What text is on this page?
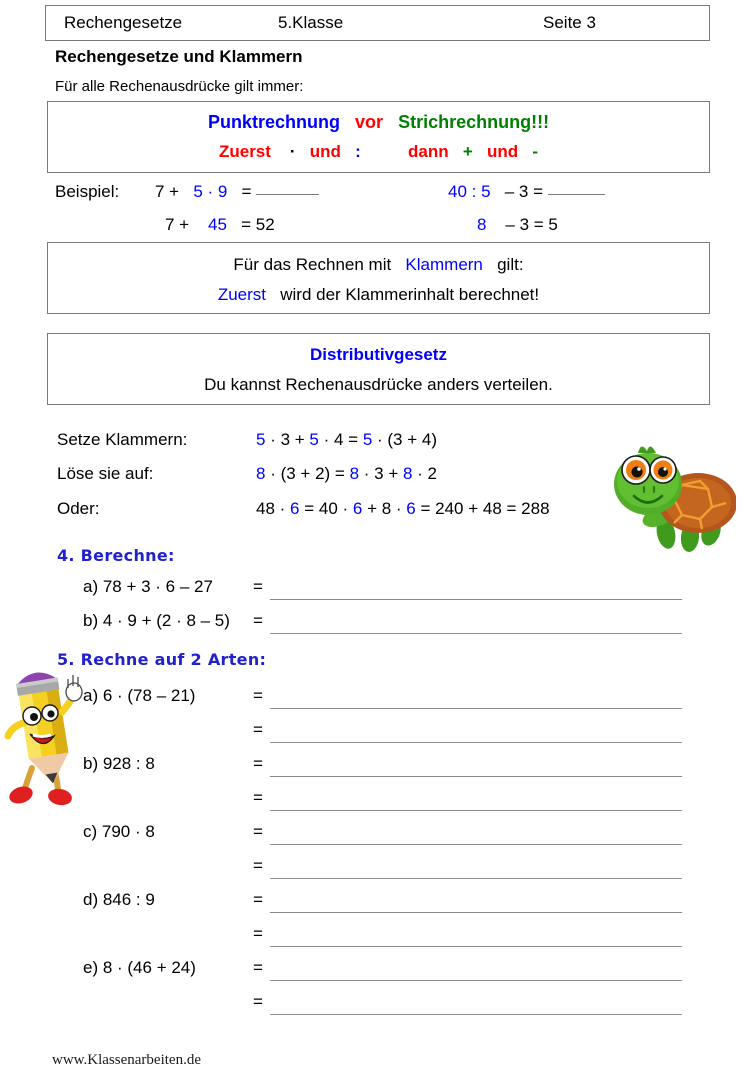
Rechengesetze	5.Klasse	Seite 3
Rechengesetze und Klammern
Für alle Rechenausdrücke gilt immer:
Punktrechnung vor Strichrechnung!!!
Zuerst · und :	dann + und -
Beispiel: 7 + 5 · 9 =
7 + 45 = 52
40 : 5 – 3 =
8 – 3 = 5
Für das Rechnen mit Klammern gilt:
Zuerst wird der Klammerinhalt berechnet!
Distributivgesetz
Du kannst Rechenausdrücke anders verteilen.
Setze Klammern:	5 · 3 + 5 · 4 = 5 · (3 + 4)
Löse sie auf:	8 · (3 + 2) = 8 · 3 + 8 · 2
Oder:	48 · 6 = 40 · 6 + 8 · 6 = 240 + 48 = 288
4. Berechne:
a) 78 + 3 · 6 – 27 =
b) 4 · 9 + (2 · 8 – 5) =
5. Rechne auf 2 Arten:
a) 6 · (78 – 21)	=
=
b) 928 : 8	=
=
c) 790 · 8	=
=
d) 846 : 9	=
=
e) 8 · (46 + 24)	=
=
www.Klassenarbeiten.de
